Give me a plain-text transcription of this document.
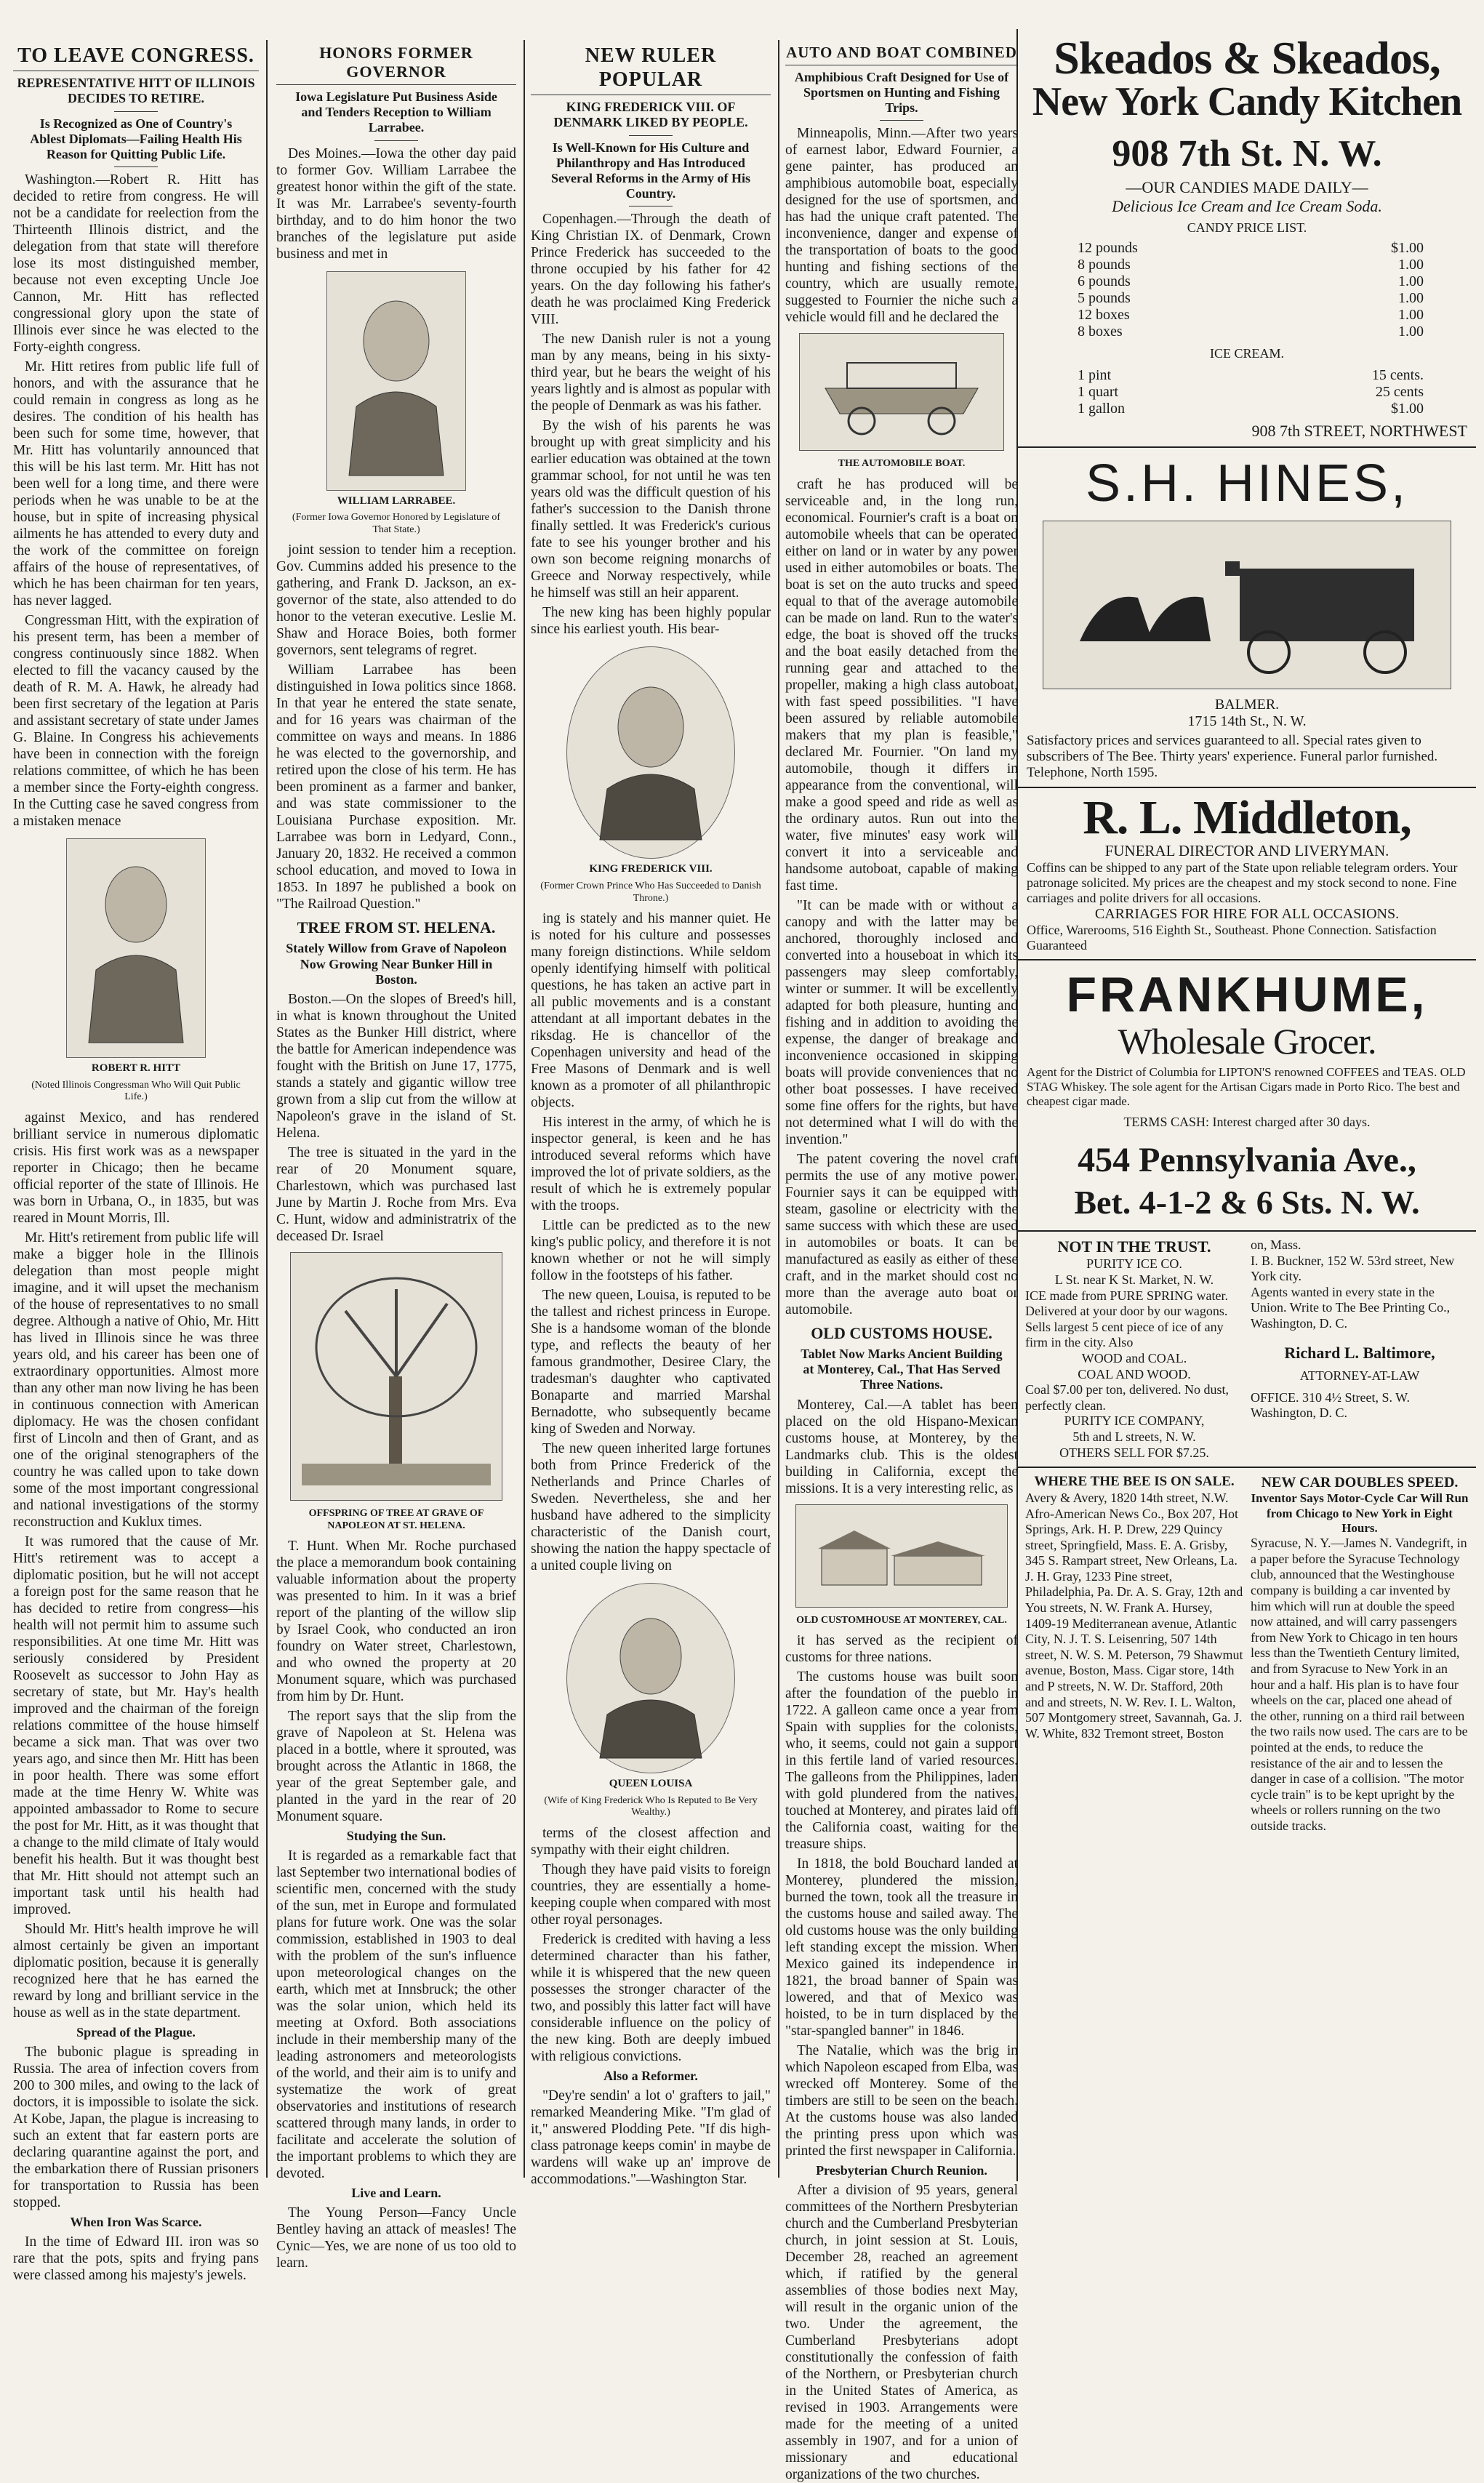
TO LEAVE CONGRESS.
REPRESENTATIVE HITT OF ILLINOIS DECIDES TO RETIRE.
Is Recognized as One of Country's Ablest Diplomats—Failing Health His Reason for Quitting Public Life.

Washington.—Robert R. Hitt has decided to retire from congress. He will not be a candidate for reelection from the Thirteenth Illinois district, and the delegation from that state will therefore lose its most distinguished member, because not even excepting Uncle Joe Cannon, Mr. Hitt has reflected congressional glory upon the state of Illinois ever since he was elected to the Forty-eighth congress.

Mr. Hitt retires from public life full of honors, and with the assurance that he could remain in congress as long as he desires. The condition of his health has been such for some time, however, that Mr. Hitt has voluntarily announced that this will be his last term. Mr. Hitt has not been well for a long time, and there were periods when he was unable to be at the house, but in spite of increasing physical ailments he has attended to every duty and the work of the committee on foreign affairs of the house of representatives, of which he has been chairman for ten years, has never lagged.

Congressman Hitt, with the expiration of his present term, has been a member of congress continuously since 1882. When elected to fill the vacancy caused by the death of R. M. A. Hawk, he already had been first secretary of the legation at Paris and assistant secretary of state under James G. Blaine. In Congress his achievements have been in connection with the foreign relations committee, of which he has been a member since the Forty-eighth congress. In the Cutting case he saved congress from a mistaken menace

ROBERT R. HITT
(Noted Illinois Congressman Who Will Quit Public Life.)

against Mexico, and has rendered brilliant service in numerous diplomatic crisis. His first work was as a newspaper reporter in Chicago; then he became official reporter of the state of Illinois. He was born in Urbana, O., in 1835, but was reared in Mount Morris, Ill.

Mr. Hitt's retirement from public life will make a bigger hole in the Illinois delegation than most people might imagine, and it will upset the mechanism of the house of representatives to no small degree. Although a native of Ohio, Mr. Hitt has lived in Illinois since he was three years old, and his career has been one of extraordinary opportunities. Almost more than any other man now living he has been in continuous connection with American diplomacy. He was the chosen confidant first of Lincoln and then of Grant, and as one of the original stenographers of the country he was called upon to take down some of the most important congressional and national investigations of the stormy reconstruction and Kuklux times.

It was rumored that the cause of Mr. Hitt's retirement was to accept a diplomatic position, but he will not accept a foreign post for the same reason that he has decided to retire from congress—his health will not permit him to assume such responsibilities. At one time Mr. Hitt was seriously considered by President Roosevelt as successor to John Hay as secretary of state, but Mr. Hay's health improved and the chairman of the foreign relations committee of the house himself became a sick man. That was over two years ago, and since then Mr. Hitt has been in poor health. There was some effort made at the time Henry W. White was appointed ambassador to Rome to secure the post for Mr. Hitt, as it was thought that a change to the mild climate of Italy would benefit his health. But it was thought best that Mr. Hitt should not attempt such an important task until his health had improved.

Should Mr. Hitt's health improve he will almost certainly be given an important diplomatic position, because it is generally recognized here that he has earned the reward by long and brilliant service in the house as well as in the state department.

Spread of the Plague.

The bubonic plague is spreading in Russia. The area of infection covers from 200 to 300 miles, and owing to the lack of doctors, it is impossible to isolate the sick. At Kobe, Japan, the plague is increasing to such an extent that far eastern ports are declaring quarantine against the port, and the embarkation there of Russian prisoners for transportation to Russia has been stopped.

When Iron Was Scarce.

In the time of Edward III. iron was so rare that the pots, spits and frying pans were classed among his majesty's jewels.

HONORS FORMER GOVERNOR
Iowa Legislature Put Business Aside and Tenders Reception to William Larrabee.

Des Moines.—Iowa the other day paid to former Gov. William Larrabee the greatest honor within the gift of the state. It was Mr. Larrabee's seventy-fourth birthday, and to do him honor the two branches of the legislature put aside business and met in

WILLIAM LARRABEE.
(Former Iowa Governor Honored by Legislature of That State.)

joint session to tender him a reception. Gov. Cummins added his presence to the gathering, and Frank D. Jackson, an ex-governor of the state, also attended to do honor to the veteran executive. Leslie M. Shaw and Horace Boies, both former governors, sent telegrams of regret.

William Larrabee has been distinguished in Iowa politics since 1868. In that year he entered the state senate, and for 16 years was chairman of the committee on ways and means. In 1886 he was elected to the governorship, and retired upon the close of his term. He has been prominent as a farmer and banker, and was state commissioner to the Louisiana Purchase exposition. Mr. Larrabee was born in Ledyard, Conn., January 20, 1832. He received a common school education, and moved to Iowa in 1853. In 1897 he published a book on "The Railroad Question."

TREE FROM ST. HELENA.
Stately Willow from Grave of Napoleon Now Growing Near Bunker Hill in Boston.

Boston.—On the slopes of Breed's hill, in what is known throughout the United States as the Bunker Hill district, where the battle for American independence was fought with the British on June 17, 1775, stands a stately and gigantic willow tree grown from a slip cut from the willow at Napoleon's grave in the island of St. Helena.

The tree is situated in the yard in the rear of 20 Monument square, Charlestown, which was purchased last June by Martin J. Roche from Mrs. Eva C. Hunt, widow and administratrix of the deceased Dr. Israel

OFFSPRING OF TREE AT GRAVE OF NAPOLEON AT ST. HELENA.

T. Hunt. When Mr. Roche purchased the place a memorandum book containing valuable information about the property was presented to him. In it was a brief report of the planting of the willow slip by Israel Cook, who conducted an iron foundry on Water street, Charlestown, and who owned the property at 20 Monument square, which was purchased from him by Dr. Hunt.

The report says that the slip from the grave of Napoleon at St. Helena was placed in a bottle, where it sprouted, was brought across the Atlantic in 1868, the year of the great September gale, and planted in the yard in the rear of 20 Monument square.

Studying the Sun.

It is regarded as a remarkable fact that last September two international bodies of scientific men, concerned with the study of the sun, met in Europe and formulated plans for future work. One was the solar commission, established in 1903 to deal with the problem of the sun's influence upon meteorological changes on the earth, which met at Innsbruck; the other was the solar union, which held its meeting at Oxford. Both associations include in their membership many of the leading astronomers and meteorologists of the world, and their aim is to unify and systematize the work of great observatories and institutions of research scattered through many lands, in order to facilitate and accelerate the solution of the important problems to which they are devoted.

Live and Learn.

The Young Person—Fancy Uncle Bentley having an attack of measles! The Cynic—Yes, we are none of us too old to learn.

NEW RULER POPULAR
KING FREDERICK VIII. OF DENMARK LIKED BY PEOPLE.
Is Well-Known for His Culture and Philanthropy and Has Introduced Several Reforms in the Army of His Country.

Copenhagen.—Through the death of King Christian IX. of Denmark, Crown Prince Frederick has succeeded to the throne occupied by his father for 42 years. On the day following his father's death he was proclaimed King Frederick VIII.

The new Danish ruler is not a young man by any means, being in his sixty-third year, but he bears the weight of his years lightly and is almost as popular with the people of Denmark as was his father.

By the wish of his parents he was brought up with great simplicity and his earlier education was obtained at the town grammar school, for not until he was ten years old was the difficult question of his father's succession to the Danish throne finally settled. It was Frederick's curious fate to see his younger brother and his own son become reigning monarchs of Greece and Norway respectively, while he himself was still an heir apparent.

The new king has been highly popular since his earliest youth. His bear-

KING FREDERICK VIII.
(Former Crown Prince Who Has Succeeded to Danish Throne.)

ing is stately and his manner quiet. He is noted for his culture and possesses many foreign distinctions. While seldom openly identifying himself with political questions, he has taken an active part in all public movements and is a constant attendant at all important debates in the riksdag. He is chancellor of the Copenhagen university and head of the Free Masons of Denmark and is well known as a promoter of all philanthropic objects.

His interest in the army, of which he is inspector general, is keen and he has introduced several reforms which have improved the lot of private soldiers, as the result of which he is extremely popular with the troops.

Little can be predicted as to the new king's public policy, and therefore it is not known whether or not he will simply follow in the footsteps of his father.

The new queen, Louisa, is reputed to be the tallest and richest princess in Europe. She is a handsome woman of the blonde type, and reflects the beauty of her famous grandmother, Desiree Clary, the tradesman's daughter who captivated Bonaparte and married Marshal Bernadotte, who subsequently became king of Sweden and Norway.

The new queen inherited large fortunes both from Prince Frederick of the Netherlands and Prince Charles of Sweden. Nevertheless, she and her husband have adhered to the simplicity characteristic of the Danish court, showing the nation the happy spectacle of a united couple living on

QUEEN LOUISA
(Wife of King Frederick Who Is Reputed to Be Very Wealthy.)

terms of the closest affection and sympathy with their eight children.

Though they have paid visits to foreign countries, they are essentially a home-keeping couple when compared with most other royal personages.

Frederick is credited with having a less determined character than his father, while it is whispered that the new queen possesses the stronger character of the two, and possibly this latter fact will have considerable influence on the policy of the new king. Both are deeply imbued with religious convictions.

Also a Reformer.

"Dey're sendin' a lot o' grafters to jail," remarked Meandering Mike. "I'm glad of it," answered Plodding Pete. "If dis high-class patronage keeps comin' in maybe de wardens will wake up an' improve de accommodations."—Washington Star.

AUTO AND BOAT COMBINED
Amphibious Craft Designed for Use of Sportsmen on Hunting and Fishing Trips.

Minneapolis, Minn.—After two years of earnest labor, Edward Fournier, a gene painter, has produced an amphibious automobile boat, especially designed for the use of sportsmen, and has had the unique craft patented. The inconvenience, danger and expense of the transportation of boats to the good hunting and fishing sections of the country, which are usually remote, suggested to Fournier the niche such a vehicle would fill and he declared the

THE AUTOMOBILE BOAT.

craft he has produced will be serviceable and, in the long run, economical. Fournier's craft is a boat on automobile wheels that can be operated either on land or in water by any power used in either automobiles or boats. The boat is set on the auto trucks and speed equal to that of the average automobile can be made on land. Run to the water's edge, the boat is shoved off the trucks and the boat easily detached from the running gear and attached to the propeller, making a high class autoboat, with fast speed possibilities. "I have been assured by reliable automobile makers that my plan is feasible," declared Mr. Fournier. "On land my automobile, though it differs in appearance from the conventional, will make a good speed and ride as well as the ordinary autos. Run out into the water, five minutes' easy work will convert it into a serviceable and handsome autoboat, capable of making fast time.

"It can be made with or without a canopy and with the latter may be anchored, thoroughly inclosed and converted into a houseboat in which its passengers may sleep comfortably, winter or summer. It will be excellently adapted for both pleasure, hunting and fishing and in addition to avoiding the expense, the danger of breakage and inconvenience occasioned in skipping boats will provide conveniences that no other boat possesses. I have received some fine offers for the rights, but have not determined what I will do with the invention."

The patent covering the novel craft permits the use of any motive power. Fournier says it can be equipped with steam, gasoline or electricity with the same success with which these are used in automobiles or boats. It can be manufactured as easily as either of these craft, and in the market should cost no more than the average auto boat or automobile.

OLD CUSTOMS HOUSE.
Tablet Now Marks Ancient Building at Monterey, Cal., That Has Served Three Nations.

Monterey, Cal.—A tablet has been placed on the old Hispano-Mexican customs house, at Monterey, by the Landmarks club. This is the oldest building in California, except the missions. It is a very interesting relic, as

OLD CUSTOMHOUSE AT MONTEREY, CAL.

it has served as the recipient of customs for three nations.

The customs house was built soon after the foundation of the pueblo in 1722. A galleon came once a year from Spain with supplies for the colonists, who, it seems, could not gain a support in this fertile land of varied resources. The galleons from the Philippines, laden with gold plundered from the natives, touched at Monterey, and pirates laid off the California coast, waiting for the treasure ships.

In 1818, the bold Bouchard landed at Monterey, plundered the mission, burned the town, took all the treasure in the customs house and sailed away. The old customs house was the only building left standing except the mission. When Mexico gained its independence in 1821, the broad banner of Spain was lowered, and that of Mexico was hoisted, to be in turn displaced by the "star-spangled banner" in 1846.

The Natalie, which was the brig in which Napoleon escaped from Elba, was wrecked off Monterey. Some of the timbers are still to be seen on the beach. At the customs house was also landed the printing press upon which was printed the first newspaper in California.

Presbyterian Church Reunion.

After a division of 95 years, general committees of the Northern Presbyterian church and the Cumberland Presbyterian church, in joint session at St. Louis, December 28, reached an agreement which, if ratified by the general assemblies of those bodies next May, will result in the organic union of the two. Under the agreement, the Cumberland Presbyterians adopt constitutionally the confession of faith of the Northern, or Presbyterian church in the United States of America, as revised in 1903. Arrangements were made for the meeting of a united assembly in 1907, and for a union of missionary and educational organizations of the two churches.

Skeados & Skeados,
New York Candy Kitchen
908 7th St. N. W.
—OUR CANDIES MADE DAILY—
Delicious Ice Cream and Ice Cream Soda.
CANDY PRICE LIST.
12 pounds	$1.00
8 pounds	1.00
6 pounds	1.00
5 pounds	1.00
12 boxes	1.00
8 boxes	1.00
ICE CREAM.
1 pint	15 cents.
1 quart	25 cents
1 gallon	$1.00
908 7th STREET, NORTHWEST
S.H. HINES,
BALMER.
1715 14th St., N. W.
Satisfactory prices and services guaranteed to all. Special rates given to subscribers of The Bee. Thirty years' experience. Funeral parlor furnished. Telephone, North 1595.
R. L. Middleton,
FUNERAL DIRECTOR AND LIVERYMAN.
Coffins can be shipped to any part of the State upon reliable telegram orders. Your patronage solicited. My prices are the cheapest and my stock second to none. Fine carriages and polite drivers for all occasions.
CARRIAGES FOR HIRE FOR ALL OCCASIONS.
Office, Warerooms, 516 Eighth St., Southeast. Phone Connection. Satisfaction Guaranteed
FRANKHUME,
Wholesale Grocer.
Agent for the District of Columbia for LIPTON'S renowned COFFEES and TEAS. OLD STAG Whiskey. The sole agent for the Artisan Cigars made in Porto Rico. The best and cheapest cigar made.
TERMS CASH: Interest charged after 30 days.
454 Pennsylvania Ave.,
Bet. 4-1-2 & 6 Sts. N. W.
NOT IN THE TRUST.
PURITY ICE CO.
L St. near K St. Market, N. W.
ICE made from PURE SPRING water. Delivered at your door by our wagons. Sells largest 5 cent piece of ice of any firm in the city. Also
WOOD and COAL.
COAL AND WOOD.
Coal $7.00 per ton, delivered. No dust, perfectly clean.
PURITY ICE COMPANY,
5th and L streets, N. W.
OTHERS SELL FOR $7.25.
on, Mass.
I. B. Buckner, 152 W. 53rd street, New York city.
Agents wanted in every state in the Union. Write to The Bee Printing Co., Washington, D. C.
Richard L. Baltimore,
ATTORNEY-AT-LAW
OFFICE. 310 4½ Street, S. W. Washington, D. C.
WHERE THE BEE IS ON SALE.
Avery & Avery, 1820 14th street, N.W. Afro-American News Co., Box 207, Hot Springs, Ark. H. P. Drew, 229 Quincy street, Springfield, Mass. E. A. Grisby, 345 S. Rampart street, New Orleans, La. J. H. Gray, 1233 Pine street, Philadelphia, Pa. Dr. A. S. Gray, 12th and You streets, N. W. Frank A. Hursey, 1409-19 Mediterranean avenue, Atlantic City, N. J. T. S. Leisenring, 507 14th street, N. W. S. M. Peterson, 79 Shawmut avenue, Boston, Mass. Cigar store, 14th and P streets, N. W. Dr. Stafford, 20th and and streets, N. W. Rev. I. L. Walton, 507 Montgomery street, Savannah, Ga. J. W. White, 832 Tremont street, Boston
NEW CAR DOUBLES SPEED.
Inventor Says Motor-Cycle Car Will Run from Chicago to New York in Eight Hours.
Syracuse, N. Y.—James N. Vandegrift, in a paper before the Syracuse Technology club, announced that the Westinghouse company is building a car invented by him which will run at double the speed now attained, and will carry passengers from New York to Chicago in ten hours less than the Twentieth Century limited, and from Syracuse to New York in an hour and a half. His plan is to have four wheels on the car, placed one ahead of the other, running on a third rail between the two rails now used. The cars are to be pointed at the ends, to reduce the resistance of the air and to lessen the danger in case of a collision. "The motor cycle train" is to be kept upright by the wheels or rollers running on the two outside tracks.
